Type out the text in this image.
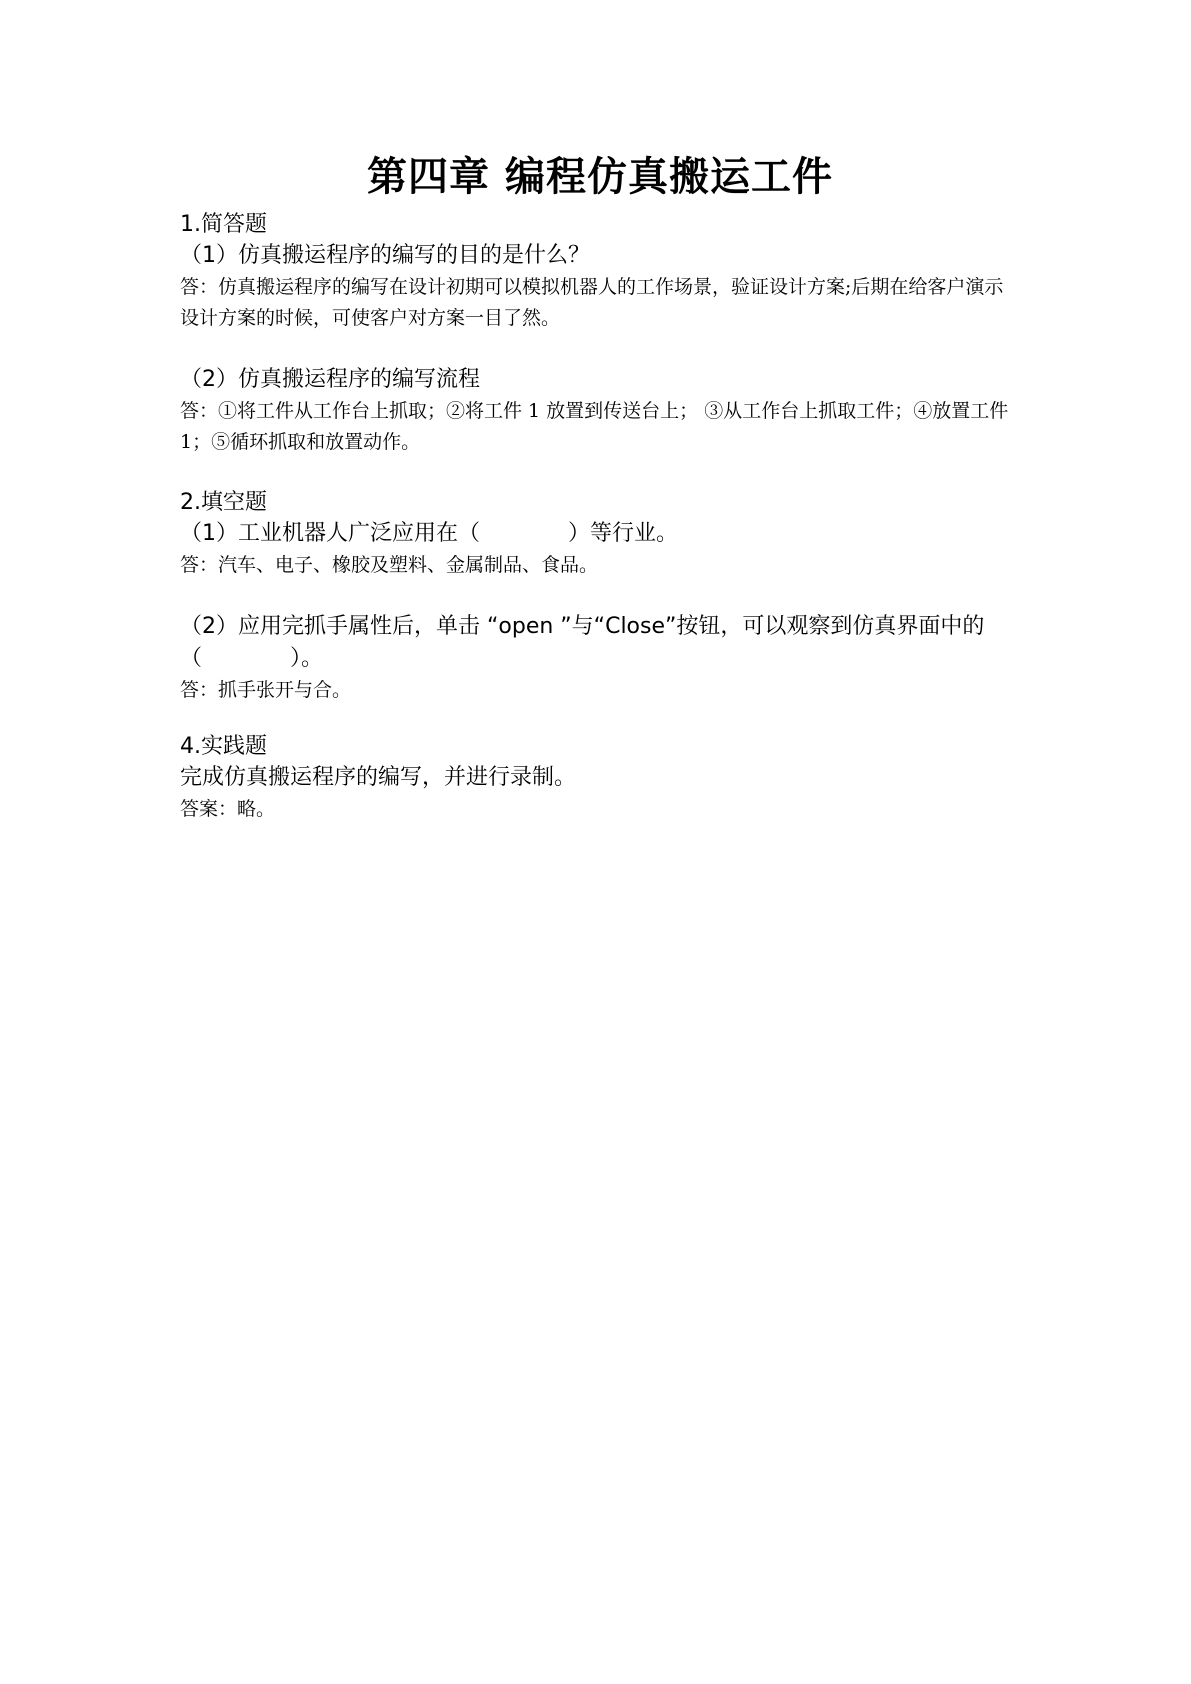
第四章 编程仿真搬运工件

1.简答题

（1）仿真搬运程序的编写的目的是什么？

答：仿真搬运程序的编写在设计初期可以模拟机器人的工作场景，验证设计方案;后期在给客户演示设计方案的时候，可使客户对方案一目了然。

（2）仿真搬运程序的编写流程

答：①将工件从工作台上抓取；②将工件 1 放置到传送台上； ③从工作台上抓取工件；④放置工件 1；⑤循环抓取和放置动作。

2.填空题

（1）工业机器人广泛应用在（　　　　）等行业。

答：汽车、电子、橡胶及塑料、金属制品、食品。

（2）应用完抓手属性后，单击 “open ”与“Close”按钮，可以观察到仿真界面中的（　　　　）。

答：抓手张开与合。

4.实践题

完成仿真搬运程序的编写，并进行录制。

答案：略。
